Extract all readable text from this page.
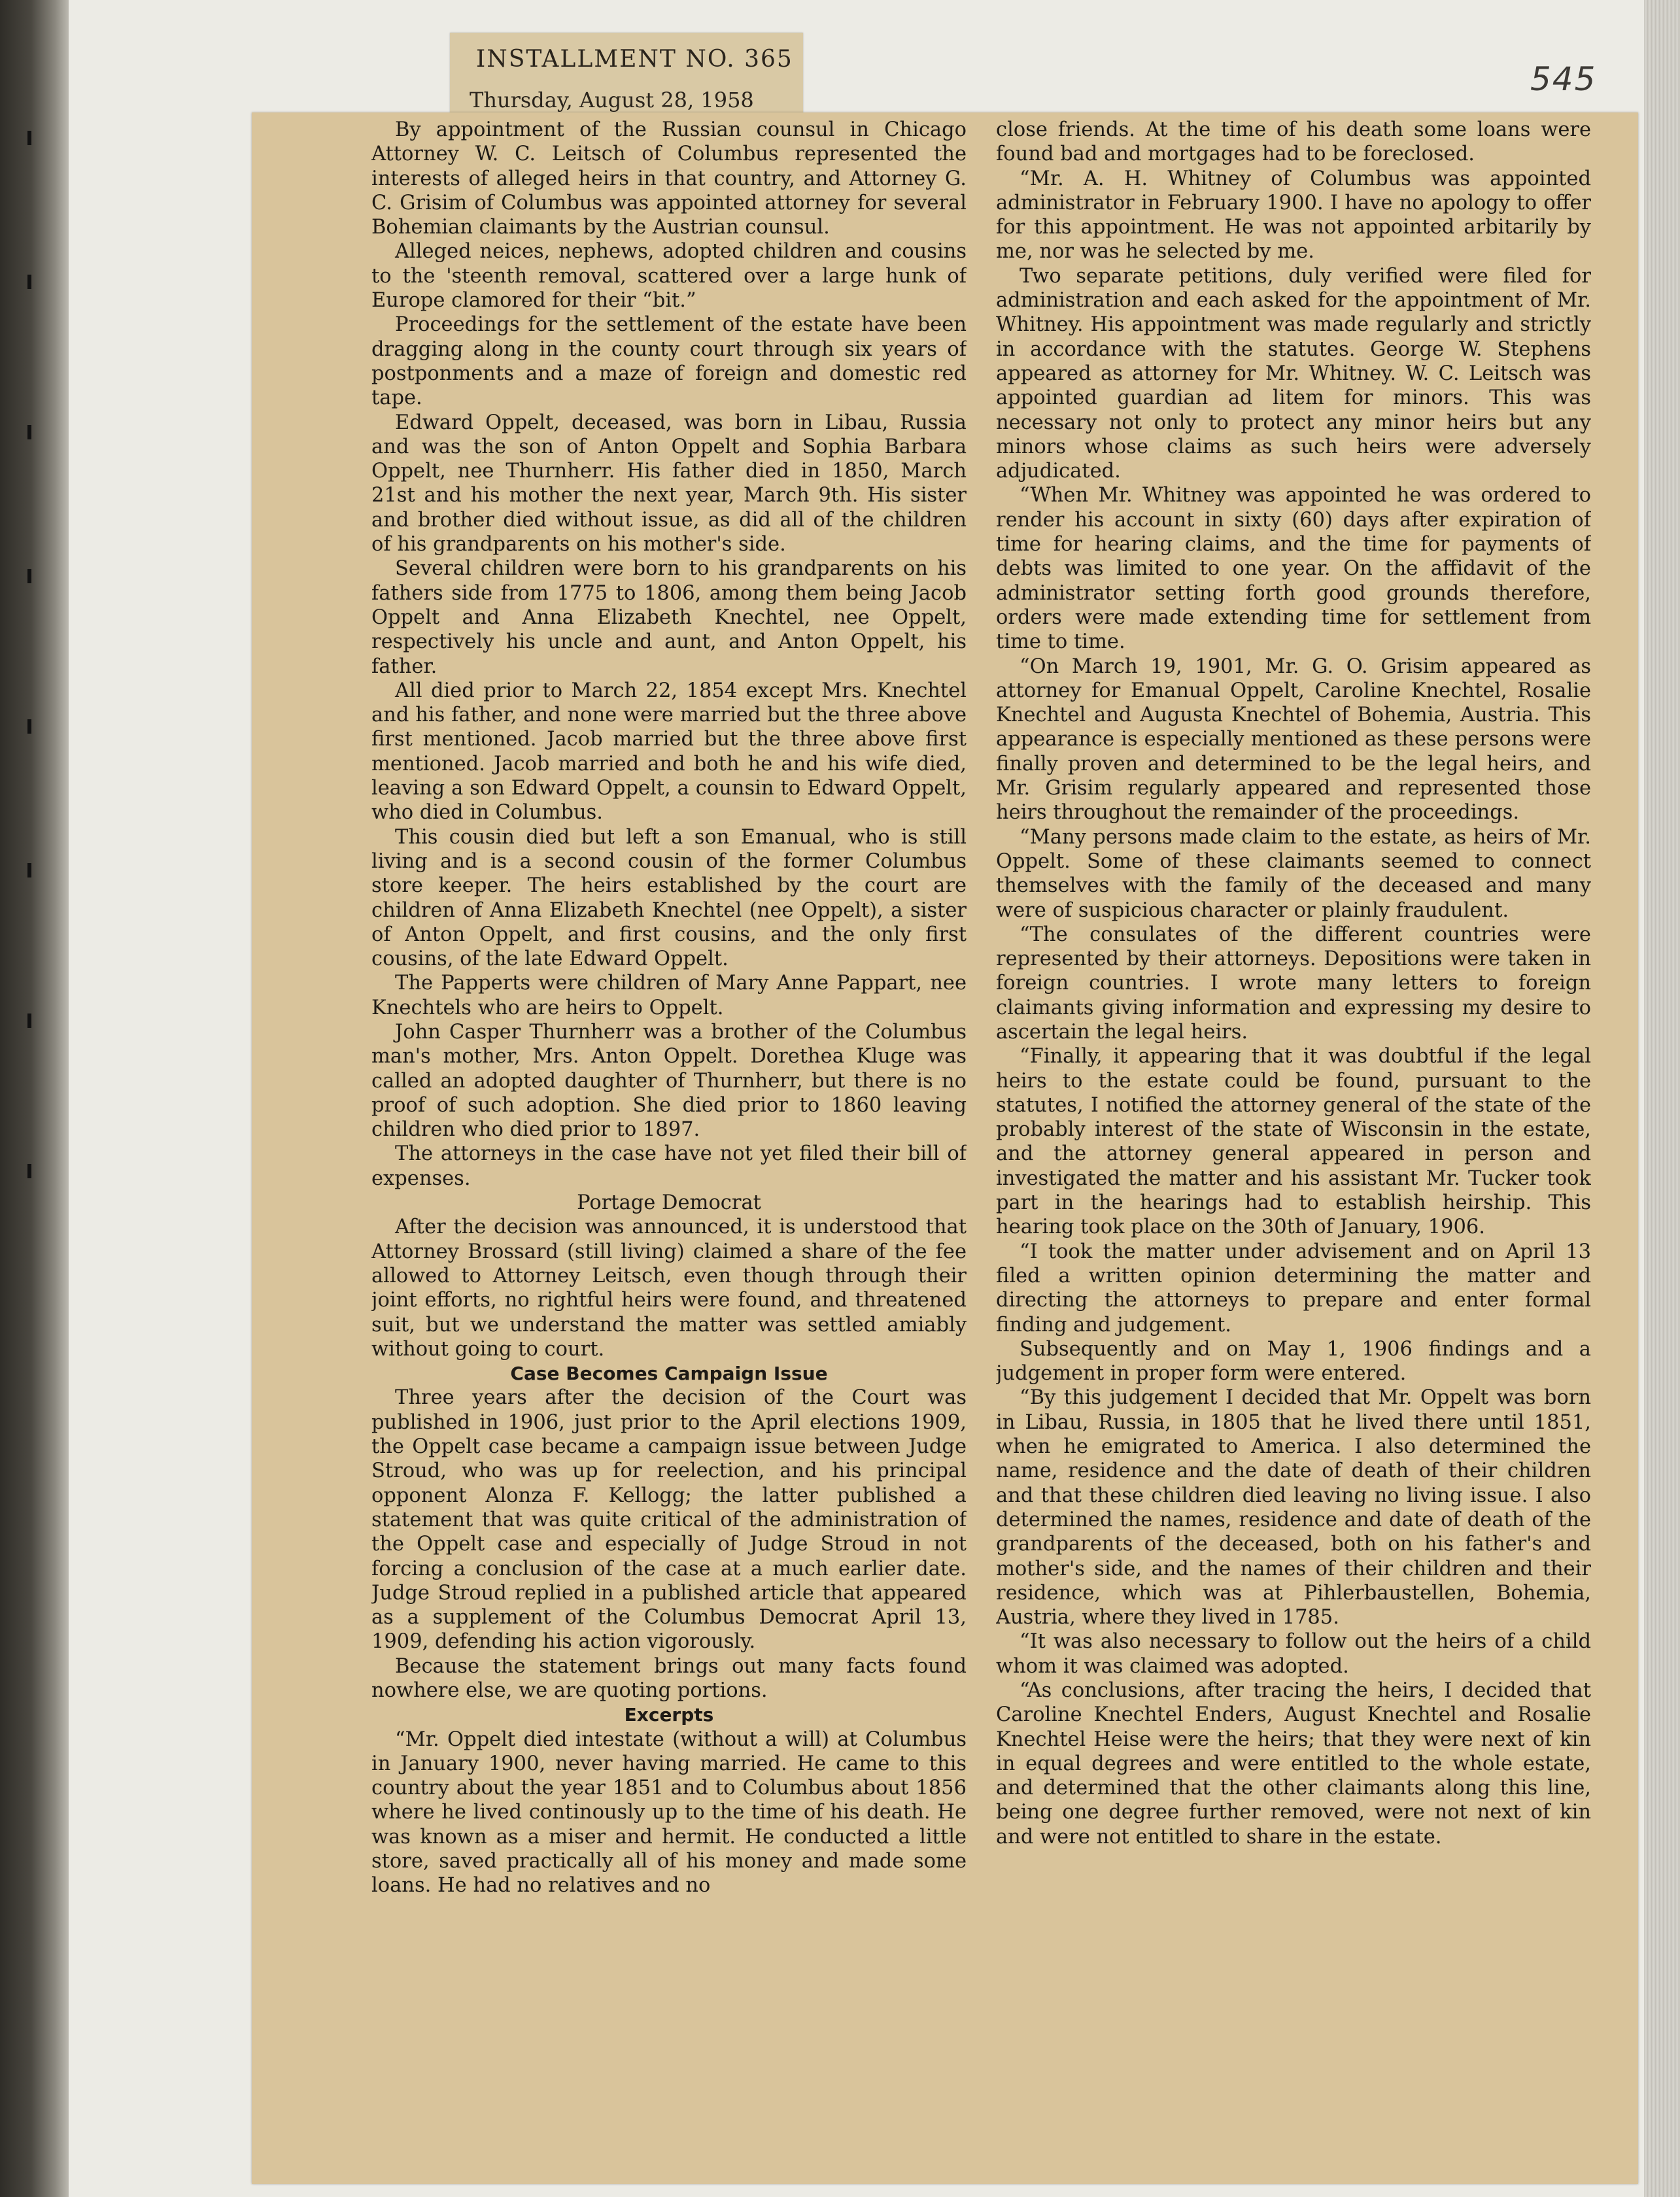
545
INSTALLMENT NO. 365
Thursday, August 28, 1958

By appointment of the Russian counsul in Chicago Attorney W. C. Leitsch of Columbus represented the interests of alleged heirs in that country, and Attorney G. C. Grisim of Columbus was appointed attorney for several Bohemian claimants by the Austrian counsul.

Alleged neices, nephews, adopted children and cousins to the 'steenth removal, scattered over a large hunk of Europe clamored for their “bit.”

Proceedings for the settlement of the estate have been dragging along in the county court through six years of postponments and a maze of foreign and domestic red tape.

Edward Oppelt, deceased, was born in Libau, Russia and was the son of Anton Oppelt and Sophia Barbara Oppelt, nee Thurnherr. His father died in 1850, March 21st and his mother the next year, March 9th. His sister and brother died without issue, as did all of the children of his grandparents on his mother's side.

Several children were born to his grandparents on his fathers side from 1775 to 1806, among them being Jacob Oppelt and Anna Elizabeth Knechtel, nee Oppelt, respectively his uncle and aunt, and Anton Oppelt, his father.

All died prior to March 22, 1854 except Mrs. Knechtel and his father, and none were married but the three above first mentioned. Jacob married but the three above first mentioned. Jacob married and both he and his wife died, leaving a son Edward Oppelt, a counsin to Edward Oppelt, who died in Columbus.

This cousin died but left a son Emanual, who is still living and is a second cousin of the former Columbus store keeper. The heirs established by the court are children of Anna Elizabeth Knechtel (nee Oppelt), a sister of Anton Oppelt, and first cousins, and the only first cousins, of the late Edward Oppelt.

The Papperts were children of Mary Anne Pappart, nee Knechtels who are heirs to Oppelt.

John Casper Thurnherr was a brother of the Columbus man's mother, Mrs. Anton Oppelt. Dorethea Kluge was called an adopted daughter of Thurnherr, but there is no proof of such adoption. She died prior to 1860 leaving children who died prior to 1897.

The attorneys in the case have not yet filed their bill of expenses.

Portage Democrat

After the decision was announced, it is understood that Attorney Brossard (still living) claimed a share of the fee allowed to Attorney Leitsch, even though through their joint efforts, no rightful heirs were found, and threatened suit, but we understand the matter was settled amiably without going to court.

Case Becomes Campaign Issue

Three years after the decision of the Court was published in 1906, just prior to the April elections 1909, the Oppelt case became a campaign issue between Judge Stroud, who was up for reelection, and his principal opponent Alonza F. Kellogg; the latter published a statement that was quite critical of the administration of the Oppelt case and especially of Judge Stroud in not forcing a conclusion of the case at a much earlier date. Judge Stroud replied in a published article that appeared as a supplement of the Columbus Democrat April 13, 1909, defending his action vigorously.

Because the statement brings out many facts found nowhere else, we are quoting portions.

Excerpts

“Mr. Oppelt died intestate (without a will) at Columbus in January 1900, never having married. He came to this country about the year 1851 and to Columbus about 1856 where he lived continously up to the time of his death. He was known as a miser and hermit. He conducted a little store, saved practically all of his money and made some loans. He had no relatives and no

close friends. At the time of his death some loans were found bad and mortgages had to be foreclosed.

“Mr. A. H. Whitney of Columbus was appointed administrator in February 1900. I have no apology to offer for this appointment. He was not appointed arbitarily by me, nor was he selected by me.

Two separate petitions, duly verified were filed for administration and each asked for the appointment of Mr. Whitney. His appointment was made regularly and strictly in accordance with the statutes. George W. Stephens appeared as attorney for Mr. Whitney. W. C. Leitsch was appointed guardian ad litem for minors. This was necessary not only to protect any minor heirs but any minors whose claims as such heirs were adversely adjudicated.

“When Mr. Whitney was appointed he was ordered to render his account in sixty (60) days after expiration of time for hearing claims, and the time for payments of debts was limited to one year. On the affidavit of the administrator setting forth good grounds therefore, orders were made extending time for settlement from time to time.

“On March 19, 1901, Mr. G. O. Grisim appeared as attorney for Emanual Oppelt, Caroline Knechtel, Rosalie Knechtel and Augusta Knechtel of Bohemia, Austria. This appearance is especially mentioned as these persons were finally proven and determined to be the legal heirs, and Mr. Grisim regularly appeared and represented those heirs throughout the remainder of the proceedings.

“Many persons made claim to the estate, as heirs of Mr. Oppelt. Some of these claimants seemed to connect themselves with the family of the deceased and many were of suspicious character or plainly fraudulent.

“The consulates of the different countries were represented by their attorneys. Depositions were taken in foreign countries. I wrote many letters to foreign claimants giving information and expressing my desire to ascertain the legal heirs.

“Finally, it appearing that it was doubtful if the legal heirs to the estate could be found, pursuant to the statutes, I notified the attorney general of the state of the probably interest of the state of Wisconsin in the estate, and the attorney general appeared in person and investigated the matter and his assistant Mr. Tucker took part in the hearings had to establish heirship. This hearing took place on the 30th of January, 1906.

“I took the matter under advisement and on April 13 filed a written opinion determining the matter and directing the attorneys to prepare and enter formal finding and judgement.

Subsequently and on May 1, 1906 findings and a judgement in proper form were entered.

“By this judgement I decided that Mr. Oppelt was born in Libau, Russia, in 1805 that he lived there until 1851, when he emigrated to America. I also determined the name, residence and the date of death of their children and that these children died leaving no living issue. I also determined the names, residence and date of death of the grandparents of the deceased, both on his father's and mother's side, and the names of their children and their residence, which was at Pihlerbaustellen, Bohemia, Austria, where they lived in 1785.

“It was also necessary to follow out the heirs of a child whom it was claimed was adopted.

“As conclusions, after tracing the heirs, I decided that Caroline Knechtel Enders, August Knechtel and Rosalie Knechtel Heise were the heirs; that they were next of kin in equal degrees and were entitled to the whole estate, and determined that the other claimants along this line, being one degree further removed, were not next of kin and were not entitled to share in the estate.
